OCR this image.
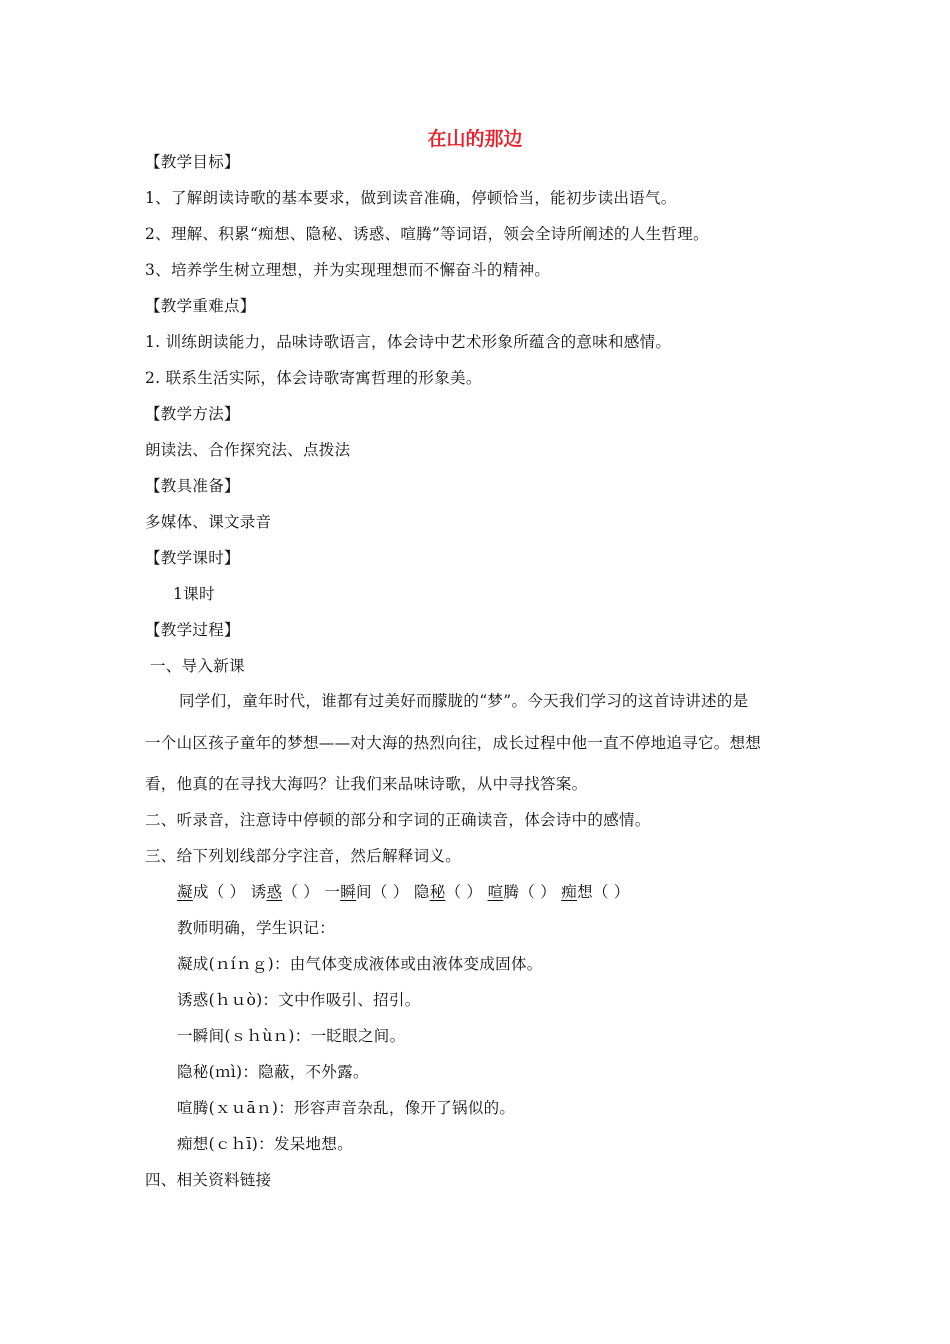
在山的那边
【教学目标】
1、了解朗读诗歌的基本要求，做到读音准确，停顿恰当，能初步读出语气。
2、理解、积累“痴想、隐秘、诱惑、喧腾”等词语，领会全诗所阐述的人生哲理。
3、培养学生树立理想，并为实现理想而不懈奋斗的精神。
【教学重难点】
1. 训练朗读能力，品味诗歌语言，体会诗中艺术形象所蕴含的意味和感情。
2. 联系生活实际，体会诗歌寄寓哲理的形象美。
【教学方法】
朗读法、合作探究法、点拨法
【教具准备】
多媒体、课文录音
【教学课时】
1课时
【教学过程】
一、导入新课
同学们，童年时代，谁都有过美好而朦胧的“梦”。今天我们学习的这首诗讲述的是
一个山区孩子童年的梦想——对大海的热烈向往，成长过程中他一直不停地追寻它。想想
看，他真的在寻找大海吗？让我们来品味诗歌，从中寻找答案。
二、听录音，注意诗中停顿的部分和字词的正确读音，体会诗中的感情。
三、给下列划线部分字注音，然后解释词义。
凝成（ ） 诱惑（ ） 一瞬间（ ） 隐秘（ ） 喧腾（ ） 痴想（ ）
教师明确，学生识记：
凝成(ｎíｎｇ)：由气体变成液体或由液体变成固体。
诱惑(ｈｕò)：文中作吸引、招引。
一瞬间(ｓｈùｎ)：一眨眼之间。
隐秘(ｍì)：隐蔽，不外露。
喧腾(ｘｕāｎ)：形容声音杂乱，像开了锅似的。
痴想(ｃｈī)：发呆地想。
四、相关资料链接
